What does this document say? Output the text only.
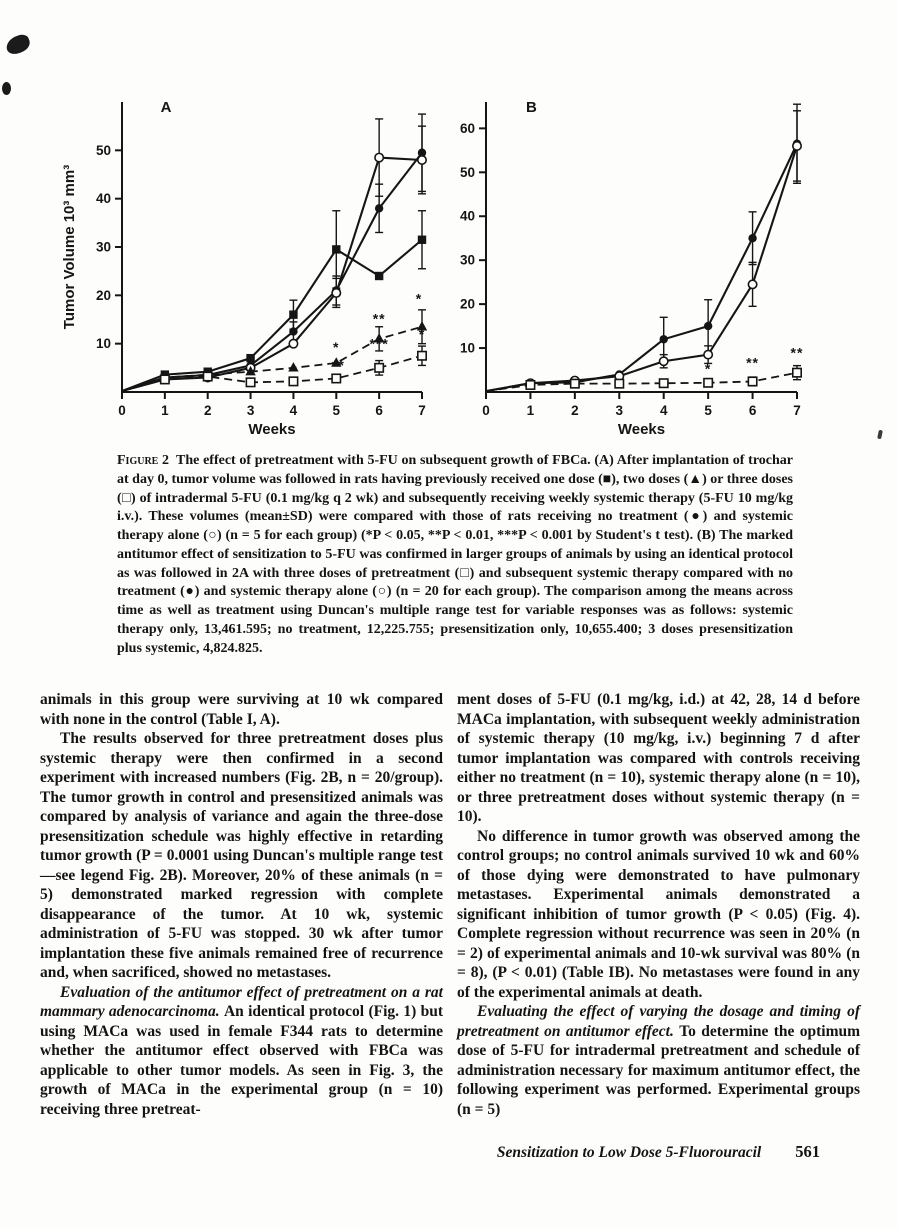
10
20
30
40
50
0	1	2	3	4	5	6	7
Weeks
Tumor Volume 10³ mm³
A
*
**
**
***
*
*
10
20
30
40
50
60
0	1	2	3	4	5	6	7
Weeks
B
* **
**
Figure 2 The effect of pretreatment with 5-FU on subsequent growth of FBCa. (A) After implantation of trochar at day 0, tumor volume was followed in rats having previously received one dose (■), two doses (▲) or three doses (□) of intradermal 5-FU (0.1 mg/kg q 2 wk) and subsequently receiving weekly systemic therapy (5-FU 10 mg/kg i.v.). These volumes (mean±SD) were compared with those of rats receiving no treatment (●) and systemic therapy alone (○) (n = 5 for each group) (*P < 0.05, **P < 0.01, ***P < 0.001 by Student's t test). (B) The marked antitumor effect of sensitization to 5-FU was confirmed in larger groups of animals by using an identical protocol as was followed in 2A with three doses of pretreatment (□) and subsequent systemic therapy compared with no treatment (●) and systemic therapy alone (○) (n = 20 for each group). The comparison among the means across time as well as treatment using Duncan's multiple range test for variable responses was as follows: systemic therapy only, 13,461.595; no treatment, 12,225.755; presensitization only, 10,655.400; 3 doses presensitization plus systemic, 4,824.825.

animals in this group were surviving at 10 wk compared with none in the control (Table I, A).

The results observed for three pretreatment doses plus systemic therapy were then confirmed in a second experiment with increased numbers (Fig. 2B, n = 20/group). The tumor growth in control and presensitized animals was compared by analysis of variance and again the three-dose presensitization schedule was highly effective in retarding tumor growth (P = 0.0001 using Duncan's multiple range test—see legend Fig. 2B). Moreover, 20% of these animals (n = 5) demonstrated marked regression with complete disappearance of the tumor. At 10 wk, systemic administration of 5-FU was stopped. 30 wk after tumor implantation these five animals remained free of recurrence and, when sacrificed, showed no metastases.

Evaluation of the antitumor effect of pretreatment on a rat mammary adenocarcinoma. An identical protocol (Fig. 1) but using MACa was used in female F344 rats to determine whether the antitumor effect observed with FBCa was applicable to other tumor models. As seen in Fig. 3, the growth of MACa in the experimental group (n = 10) receiving three pretreat-

ment doses of 5-FU (0.1 mg/kg, i.d.) at 42, 28, 14 d before MACa implantation, with subsequent weekly administration of systemic therapy (10 mg/kg, i.v.) beginning 7 d after tumor implantation was compared with controls receiving either no treatment (n = 10), systemic therapy alone (n = 10), or three pretreatment doses without systemic therapy (n = 10).

No difference in tumor growth was observed among the control groups; no control animals survived 10 wk and 60% of those dying were demonstrated to have pulmonary metastases. Experimental animals demonstrated a significant inhibition of tumor growth (P < 0.05) (Fig. 4). Complete regression without recurrence was seen in 20% (n = 2) of experimental animals and 10-wk survival was 80% (n = 8), (P < 0.01) (Table IB). No metastases were found in any of the experimental animals at death.

Evaluating the effect of varying the dosage and timing of pretreatment on antitumor effect. To determine the optimum dose of 5-FU for intradermal pretreatment and schedule of administration necessary for maximum antitumor effect, the following experiment was performed. Experimental groups (n = 5)

Sensitization to Low Dose 5-Fluorouracil 561
